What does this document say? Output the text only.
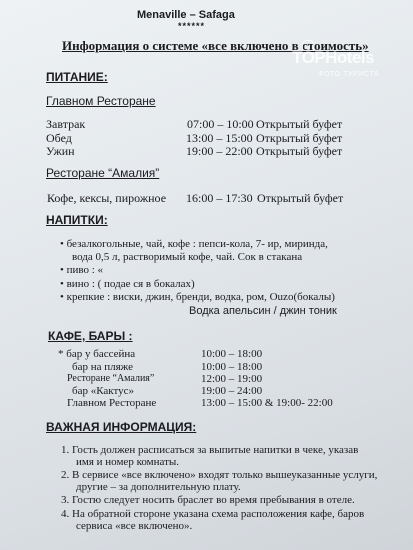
Menaville – Safaga
******
Информация о системе «все включено в стоимость»
TOPHotels
ФОТО ТУРИСТА
ПИТАНИЕ:
Главном Ресторане
Завтрак	07:00 – 10:00 Открытый буфет
Обед	13:00 – 15:00 Открытый буфет
Ужин	19:00 – 22:00 Открытый буфет
Ресторане “Амалия”
Кофе, кексы, пирожное 16:00 – 17:30 Открытый буфет
НАПИТКИ:
• безалкогольные, чай, кофе : пепси-кола, 7- ир, миринда,
вода 0,5 л, растворимый кофе, чай. Сок в стакана
• пиво : «
• вино : ( подае ся в бокалах)
• крепкие : виски, джин, бренди, водка, ром, Ouzo(бокалы)
Водка апельсин / джин тоник
КАФЕ, БАРЫ :
* бар у бассейна	10:00 – 18:00
бар на пляже	10:00 – 18:00
Ресторане “Амалия”	12:00 – 19:00
бар «Кактус»	19:00 – 24:00
Главном Ресторане	13:00 – 15:00 & 19:00- 22:00
ВАЖНАЯ ИНФОРМАЦИЯ:
1. Гость должен расписаться за выпитые напитки в чеке, указав
имя и номер комнаты.
2. В сервисе «все включено» входят только вышеуказанные услуги,
другие – за дополнительную плату.
3. Гостю следует носить браслет во время пребывания в отеле.
4. На обратной стороне указана схема расположения кафе, баров
сервиса «все включено».
